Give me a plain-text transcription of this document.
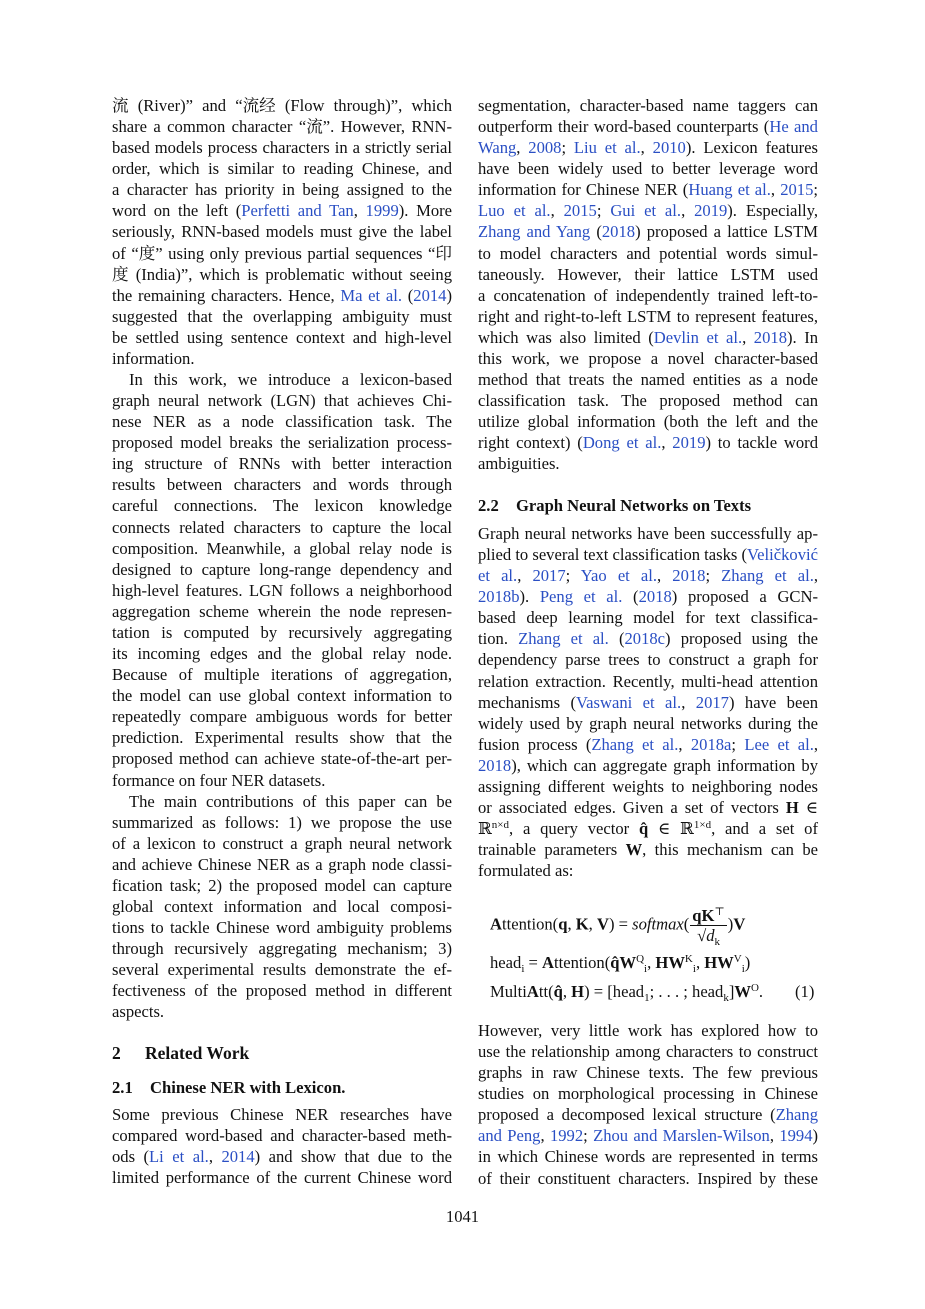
流 (River)” and “流经 (Flow through)”, which
share a common character “流”. However, RNN-
based models process characters in a strictly serial
order, which is similar to reading Chinese, and
a character has priority in being assigned to the
word on the left (Perfetti and Tan, 1999). More
seriously, RNN-based models must give the label
of “度” using only previous partial sequences “印
度 (India)”, which is problematic without seeing
the remaining characters. Hence, Ma et al. (2014)
suggested that the overlapping ambiguity must
be settled using sentence context and high-level
information.
In this work, we introduce a lexicon-based
graph neural network (LGN) that achieves Chi-
nese NER as a node classification task. The
proposed model breaks the serialization process-
ing structure of RNNs with better interaction
results between characters and words through
careful connections. The lexicon knowledge
connects related characters to capture the local
composition. Meanwhile, a global relay node is
designed to capture long-range dependency and
high-level features. LGN follows a neighborhood
aggregation scheme wherein the node represen-
tation is computed by recursively aggregating
its incoming edges and the global relay node.
Because of multiple iterations of aggregation,
the model can use global context information to
repeatedly compare ambiguous words for better
prediction. Experimental results show that the
proposed method can achieve state-of-the-art per-
formance on four NER datasets.
The main contributions of this paper can be
summarized as follows: 1) we propose the use
of a lexicon to construct a graph neural network
and achieve Chinese NER as a graph node classi-
fication task; 2) the proposed model can capture
global context information and local composi-
tions to tackle Chinese word ambiguity problems
through recursively aggregating mechanism; 3)
several experimental results demonstrate the ef-
fectiveness of the proposed method in different
aspects.
2 Related Work
2.1 Chinese NER with Lexicon.
Some previous Chinese NER researches have
compared word-based and character-based meth-
ods (Li et al., 2014) and show that due to the
limited performance of the current Chinese word
segmentation, character-based name taggers can
outperform their word-based counterparts (He and
Wang, 2008; Liu et al., 2010). Lexicon features
have been widely used to better leverage word
information for Chinese NER (Huang et al., 2015;
Luo et al., 2015; Gui et al., 2019). Especially,
Zhang and Yang (2018) proposed a lattice LSTM
to model characters and potential words simul-
taneously. However, their lattice LSTM used
a concatenation of independently trained left-to-
right and right-to-left LSTM to represent features,
which was also limited (Devlin et al., 2018). In
this work, we propose a novel character-based
method that treats the named entities as a node
classification task. The proposed method can
utilize global information (both the left and the
right context) (Dong et al., 2019) to tackle word
ambiguities.
2.2 Graph Neural Networks on Texts
Graph neural networks have been successfully ap-
plied to several text classification tasks (Veličković
et al., 2017; Yao et al., 2018; Zhang et al.,
2018b). Peng et al. (2018) proposed a GCN-
based deep learning model for text classifica-
tion. Zhang et al. (2018c) proposed using the
dependency parse trees to construct a graph for
relation extraction. Recently, multi-head attention
mechanisms (Vaswani et al., 2017) have been
widely used by graph neural networks during the
fusion process (Zhang et al., 2018a; Lee et al.,
2018), which can aggregate graph information by
assigning different weights to neighboring nodes
or associated edges. Given a set of vectors H ∈
ℝ$^{n\times d}$, a query vector q̂ ∈ ℝ$^{1\times d}$, and a set of
trainable parameters W, this mechanism can be
formulated as:
Attention(q, K, V) = softmax( $\frac{qK^⊤}{√d_k} )V$
head$_i$ = $Attention(q̂W^Q_i$, $HW^K_i$, $HW^V_i$)
MultiAtt(q̂, H) = [head$_1$; . . . ; $head_k]W^O$. (1)
However, very little work has explored how to
use the relationship among characters to construct
graphs in raw Chinese texts. The few previous
studies on morphological processing in Chinese
proposed a decomposed lexical structure (Zhang
and Peng, 1992; Zhou and Marslen-Wilson, 1994)
in which Chinese words are represented in terms
of their constituent characters. Inspired by these
1041
